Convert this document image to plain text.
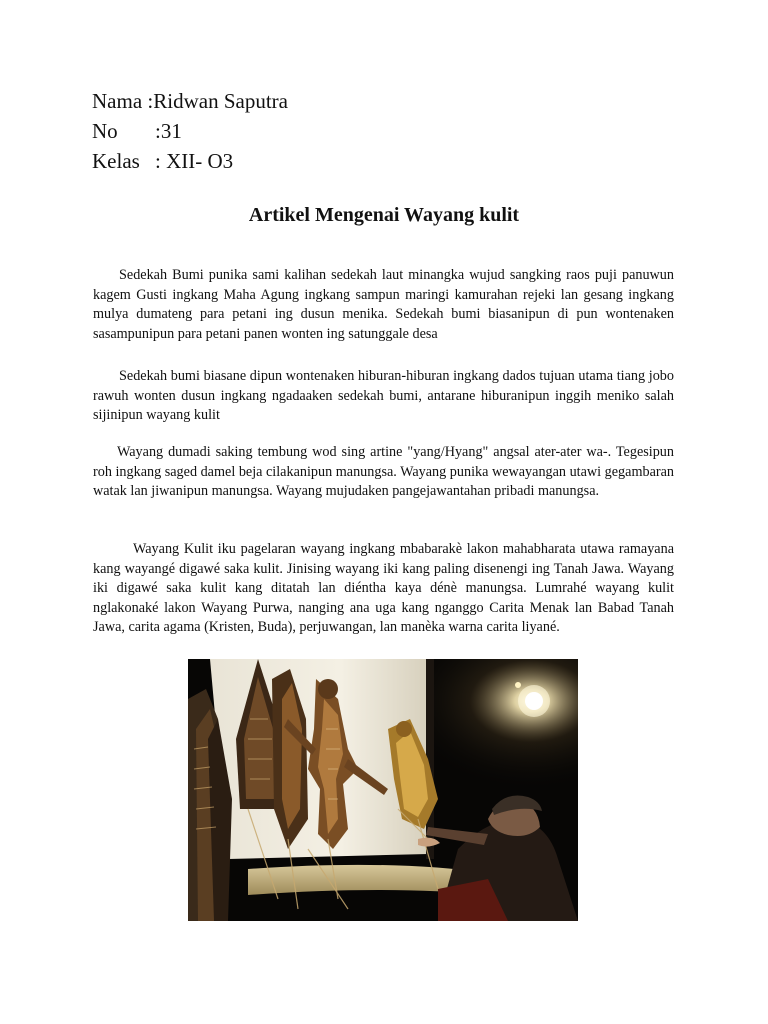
Nama
:Ridwan Saputra
No	:31
Kelas : XII- O3
Artikel Mengenai Wayang kulit

Sedekah Bumi punika sami kalihan sedekah laut minangka wujud sangking raos puji panuwun kagem Gusti ingkang Maha Agung ingkang sampun maringi kamurahan rejeki lan gesang ingkang mulya dumateng para petani ing dusun menika. Sedekah bumi biasanipun di pun wontenaken sasampunipun para petani panen wonten ing satunggale desa

Sedekah bumi biasane dipun wontenaken hiburan-hiburan ingkang dados tujuan utama tiang jobo rawuh wonten dusun ingkang ngadaaken sedekah bumi, antarane hiburanipun inggih meniko salah sijinipun wayang kulit

Wayang dumadi saking tembung wod sing artine "yang/Hyang" angsal ater-ater wa-. Tegesipun roh ingkang saged damel beja cilakanipun manungsa. Wayang punika wewayangan utawi gegambaran watak lan jiwanipun manungsa. Wayang mujudaken pangejawantahan pribadi manungsa.

Wayang Kulit iku pagelaran wayang ingkang mbabarakè lakon mahabharata utawa ramayana kang wayangé digawé saka kulit. Jinising wayang iki kang paling disenengi ing Tanah Jawa. Wayang iki digawé saka kulit kang ditatah lan diénthа kaya dénè manungsa. Lumrahé wayang kulit nglakonaké lakon Wayang Purwa, nanging ana uga kang nganggo Carita Menak lan Babad Tanah Jawa, carita agama (Kristen, Buda), perjuwangan, lan manèka warna carita liyané.
